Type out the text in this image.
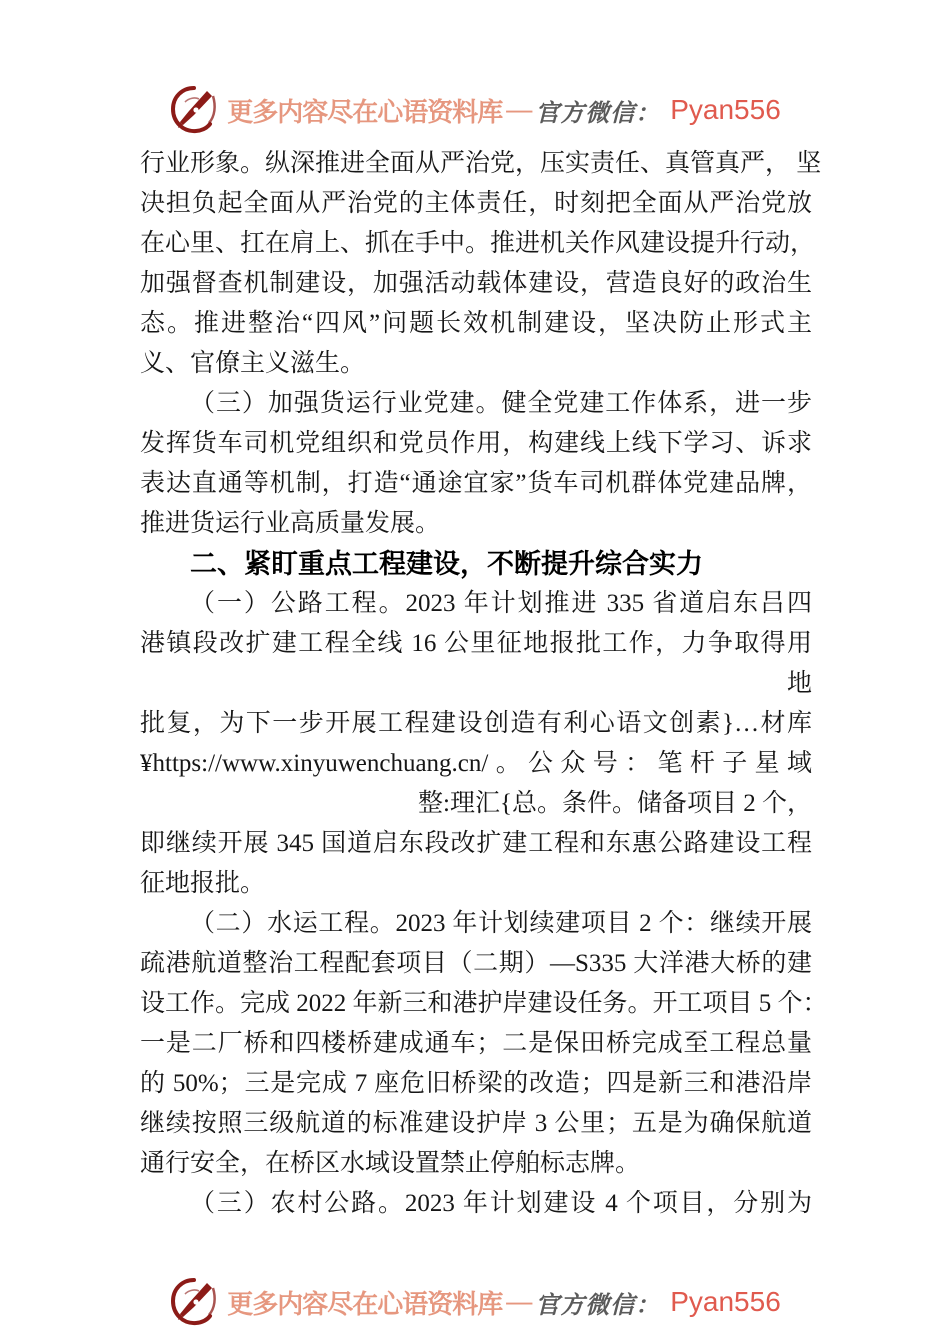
更多内容尽在心语资料库 — 官方微信： Pyan556
行业形象。纵深推进全面从严治党，压实责任、真管真严， 坚
决担负起全面从严治党的主体责任，时刻把全面从严治党放
在心里、扛在肩上、抓在手中。推进机关作风建设提升行动，
加强督查机制建设，加强活动载体建设，营造良好的政治生
态。推进整治“四风”问题长效机制建设，坚决防止形式主
义、官僚主义滋生。
（三）加强货运行业党建。健全党建工作体系，进一步
发挥货车司机党组织和党员作用，构建线上线下学习、诉求
表达直通等机制，打造“通途宜家”货车司机群体党建品牌，
推进货运行业高质量发展。
二、紧盯重点工程建设，不断提升综合实力
（一）公路工程。2023 年计划推进 335 省道启东吕四
港镇段改扩建工程全线 16 公里征地报批工作，力争取得用
地
批复，为下一步开展工程建设创造有利心语文创素}…材库
¥https://www.xinyuwenchuang.cn/。公众号：笔杆子星域
整:理汇{总。条件。储备项目 2 个，
即继续开展 345 国道启东段改扩建工程和东惠公路建设工程
征地报批。
（二）水运工程。2023 年计划续建项目 2 个：继续开展
疏港航道整治工程配套项目（二期）—S335 大洋港大桥的建
设工作。完成 2022 年新三和港护岸建设任务。开工项目 5 个：
一是二厂桥和四楼桥建成通车；二是保田桥完成至工程总量
的 50%；三是完成 7 座危旧桥梁的改造；四是新三和港沿岸
继续按照三级航道的标准建设护岸 3 公里；五是为确保航道
通行安全，在桥区水域设置禁止停舶标志牌。
（三）农村公路。2023 年计划建设 4 个项目，分别为
更多内容尽在心语资料库 — 官方微信： Pyan556
